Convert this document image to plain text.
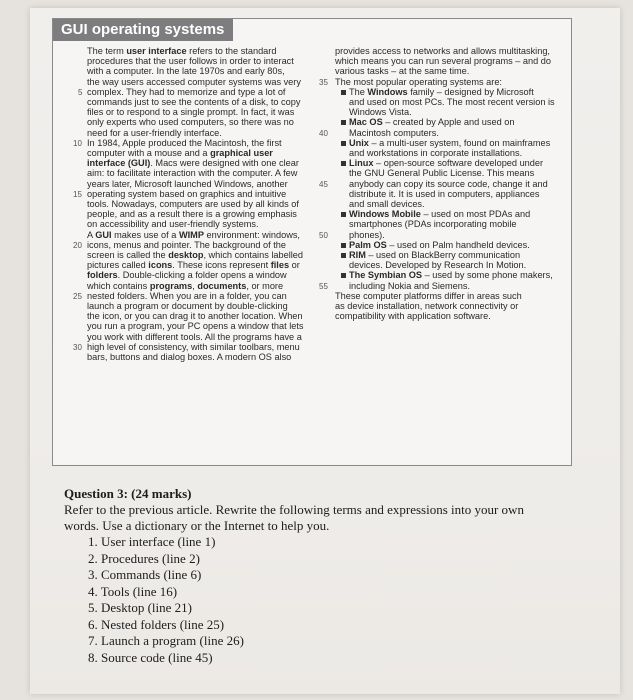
GUI operating systems
The term user interface refers to the standard
procedures that the user follows in order to interact
with a computer. In the late 1970s and early 80s,
the way users accessed computer systems was very
complex. They had to memorize and type a lot of
commands just to see the contents of a disk, to copy
files or to respond to a single prompt. In fact, it was
only experts who used computers, so there was no
need for a user-friendly interface.
In 1984, Apple produced the Macintosh, the first
computer with a mouse and a graphical user
interface (GUI). Macs were designed with one clear
aim: to facilitate interaction with the computer. A few
years later, Microsoft launched Windows, another
operating system based on graphics and intuitive
tools. Nowadays, computers are used by all kinds of
people, and as a result there is a growing emphasis
on accessibility and user-friendly systems.
A GUI makes use of a WIMP environment: windows,
icons, menus and pointer. The background of the
screen is called the desktop, which contains labelled
pictures called icons. These icons represent files or
folders. Double-clicking a folder opens a window
which contains programs, documents, or more
nested folders. When you are in a folder, you can
launch a program or document by double-clicking
the icon, or you can drag it to another location. When
you run a program, your PC opens a window that lets
you work with different tools. All the programs have a
high level of consistency, with similar toolbars, menu
bars, buttons and dialog boxes. A modern OS also
5
10
15
20
25
30
provides access to networks and allows multitasking,
which means you can run several programs – and do
various tasks – at the same time.
The most popular operating systems are:
The Windows family – designed by Microsoft
and used on most PCs. The most recent version is
Windows Vista.
Mac OS – created by Apple and used on
Macintosh computers.
Unix – a multi-user system, found on mainframes
and workstations in corporate installations.
Linux – open-source software developed under
the GNU General Public License. This means
anybody can copy its source code, change it and
distribute it. It is used in computers, appliances
and small devices.
Windows Mobile – used on most PDAs and
smartphones (PDAs incorporating mobile
phones).
Palm OS – used on Palm handheld devices.
RIM – used on BlackBerry communication
devices. Developed by Research In Motion.
The Symbian OS – used by some phone makers,
including Nokia and Siemens.
These computer platforms differ in areas such
as device installation, network connectivity or
compatibility with application software.
35
40
45
50
55
Question 3: (24 marks)
Refer to the previous article. Rewrite the following terms and expressions into your own
words. Use a dictionary or the Internet to help you.
1. User interface (line 1)
2. Procedures (line 2)
3. Commands (line 6)
4. Tools (line 16)
5. Desktop (line 21)
6. Nested folders (line 25)
7. Launch a program (line 26)
8. Source code (line 45)
